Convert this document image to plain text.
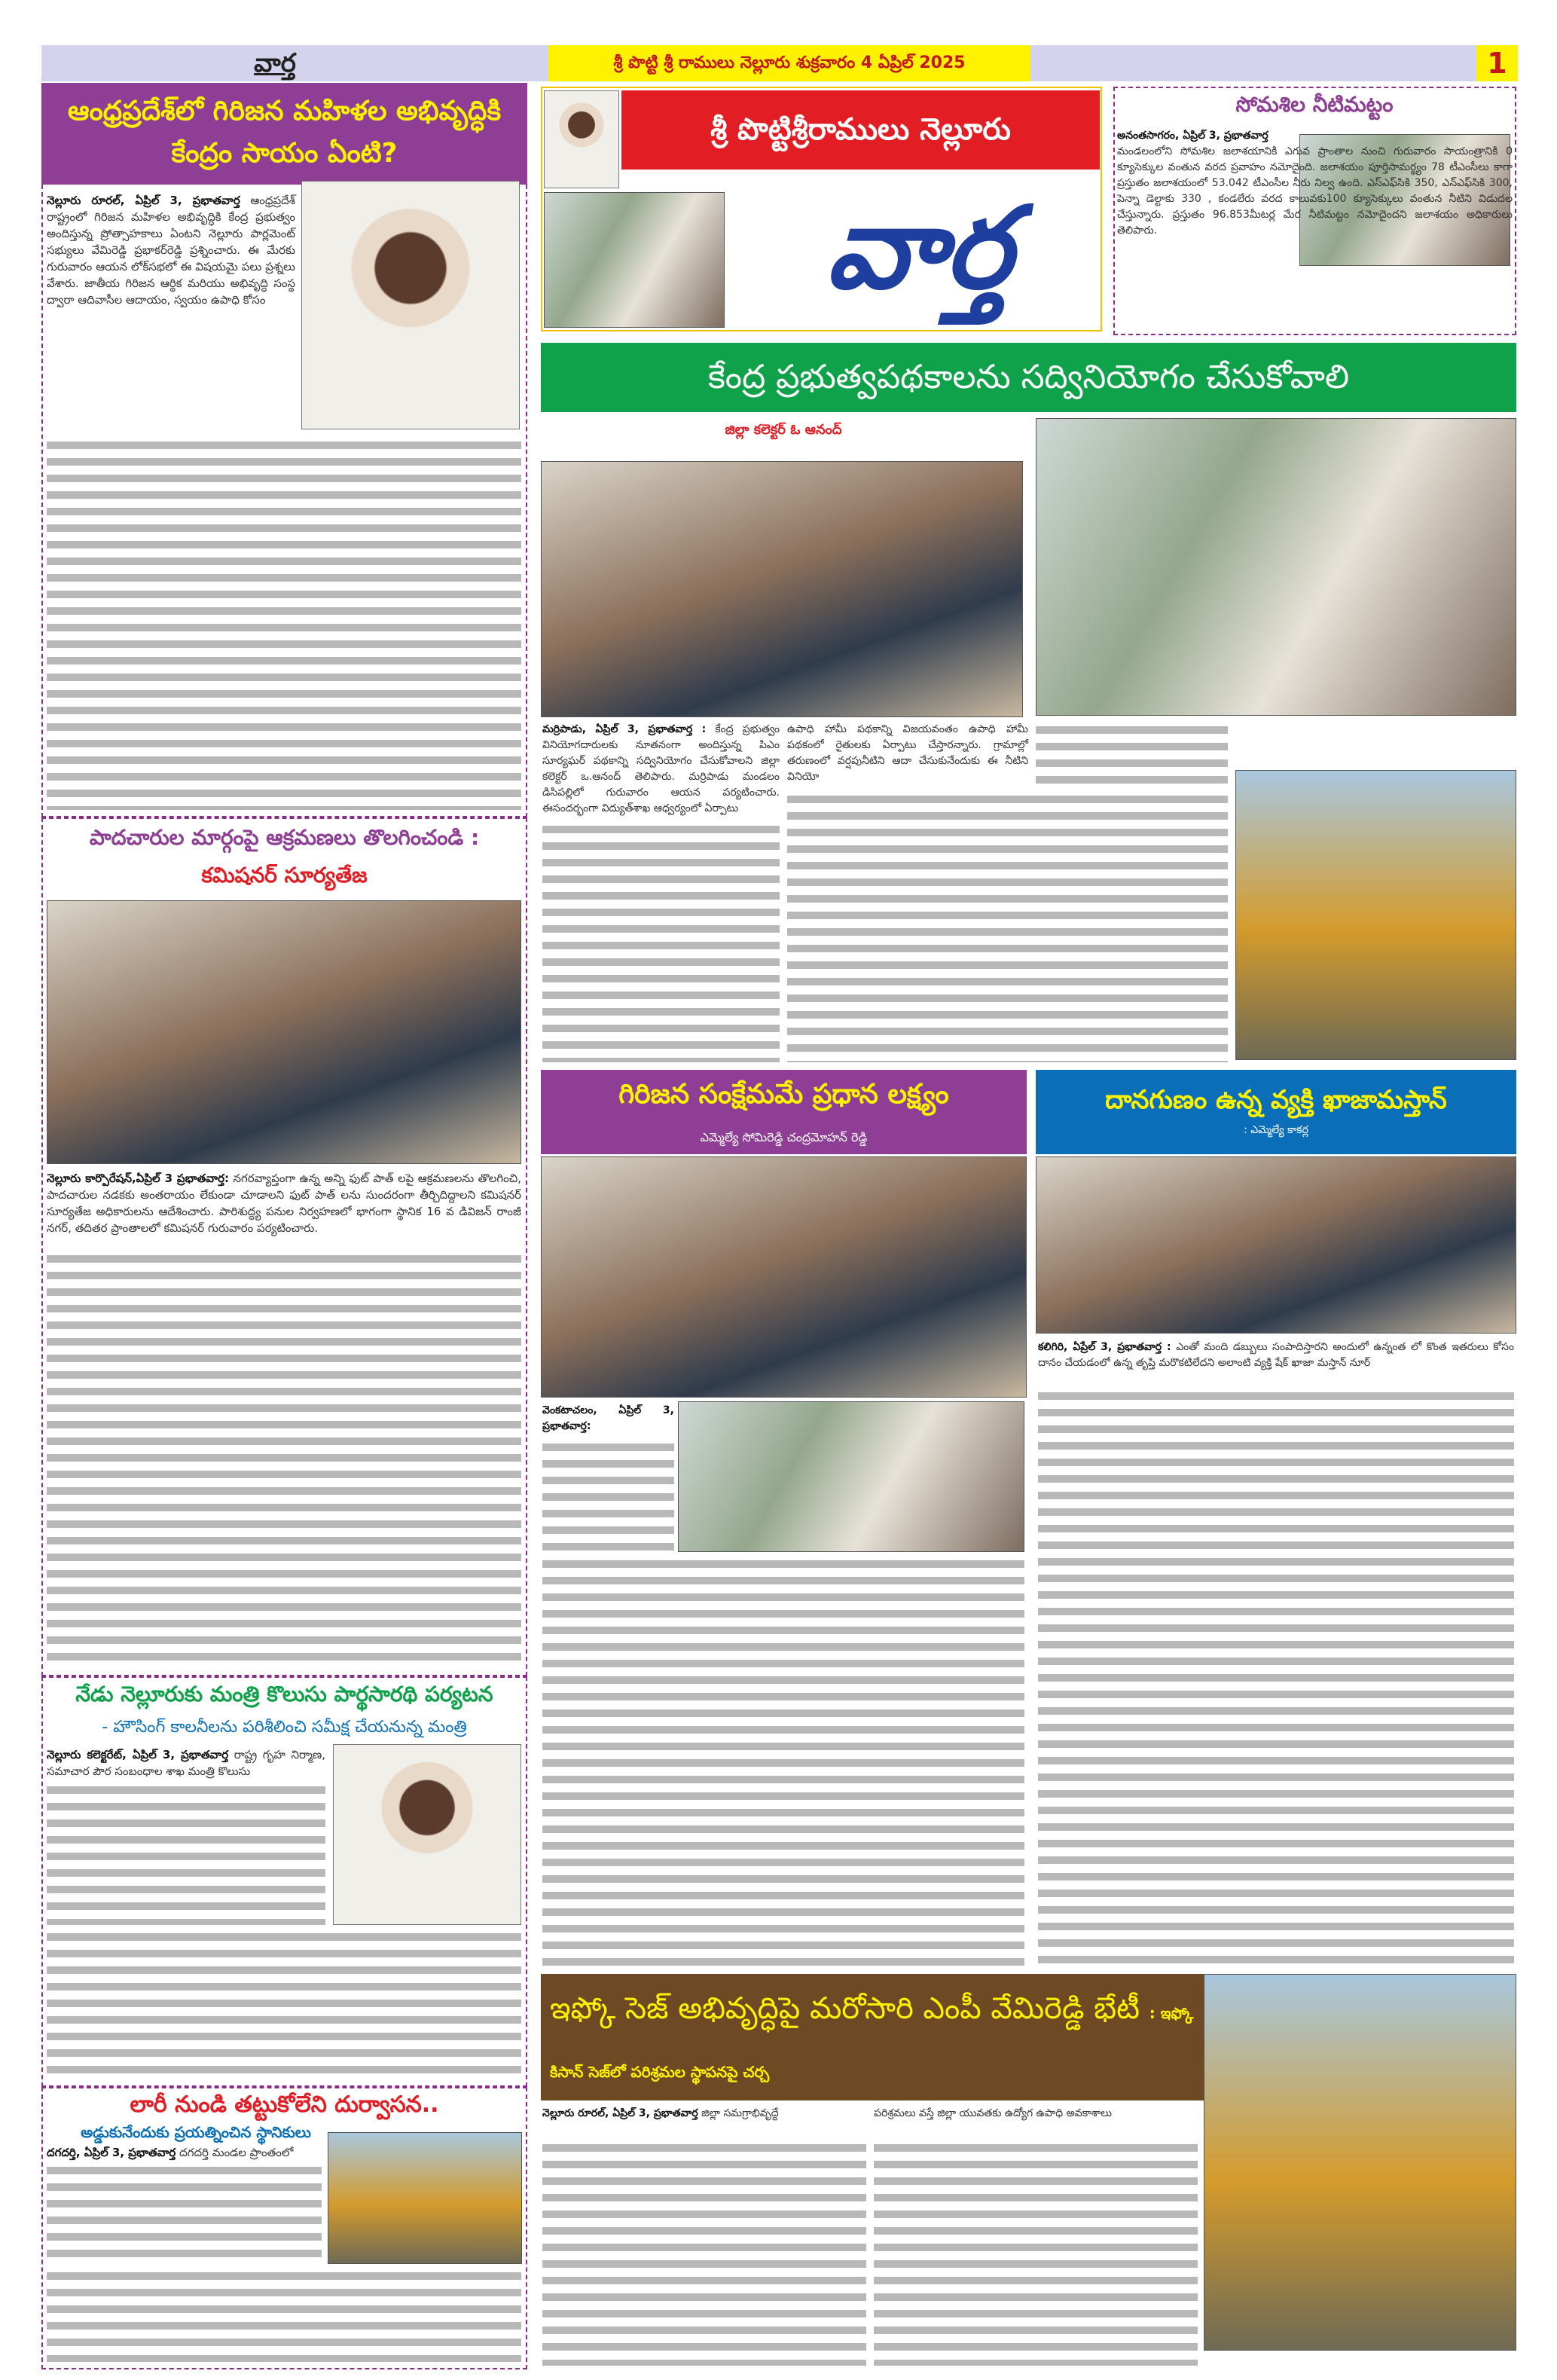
వార్త	శ్రీ పొట్టి శ్రీ రాములు నెల్లూరు శుక్రవారం 4 ఏప్రిల్ 2025	1
ఆంధ్రప్రదేశ్‌లో గిరిజన మహిళల అభివృద్ధికి కేంద్రం సాయం ఏంటి?
నెల్లూరు రూరల్, ఏప్రిల్ 3, ప్రభాతవార్త ఆంధ్రప్రదేశ్ రాష్ట్రంలో గిరిజన మహిళల అభివృద్ధికి కేంద్ర ప్రభుత్వం అందిస్తున్న ప్రోత్సాహకాలు ఏంటని నెల్లూరు పార్లమెంట్ సభ్యులు వేమిరెడ్డి ప్రభాకర్‌రెడ్డి ప్రశ్నించారు. ఈ మేరకు గురువారం ఆయన లోక్‌సభలో ఈ విషయమై పలు ప్రశ్నలు వేశారు. జాతీయ గిరిజన ఆర్థిక మరియు అభివృద్ధి సంస్థ ద్వారా ఆదివాసీల ఆదాయం, స్వయం ఉపాధి కోసం
పాదచారుల మార్గంపై ఆక్రమణలు తొలగించండి :
కమిషనర్ సూర్యతేజ
నెల్లూరు కార్పొరేషన్,ఏప్రిల్ 3 ప్రభాతవార్త: నగరవ్యాప్తంగా ఉన్న అన్ని ఫుట్ పాత్ లపై ఆక్రమణలను తొలగించి, పాదచారుల నడకకు అంతరాయం లేకుండా చూడాలని ఫుట్ పాత్ లను సుందరంగా తీర్చిదిద్దాలని కమిషనర్ సూర్యతేజ అధికారులను ఆదేశించారు. పారిశుద్ధ్య పనుల నిర్వహణలో భాగంగా స్థానిక 16 వ డివిజన్ రాంజీ నగర్, తదితర ప్రాంతాలలో కమిషనర్ గురువారం పర్యటించారు.
నేడు నెల్లూరుకు మంత్రి కొలుసు పార్థసారథి పర్యటన
- హౌసింగ్ కాలనీలను పరిశీలించి సమీక్ష చేయనున్న మంత్రి
నెల్లూరు కలెక్టరేట్, ఏప్రిల్ 3, ప్రభాతవార్త రాష్ట్ర గృహ నిర్మాణ, సమాచార పౌర సంబంధాల శాఖ మంత్రి కొలుసు
లారీ నుండి తట్టుకోలేని దుర్వాసన..
అడ్డుకునేందుకు ప్రయత్నించిన స్థానికులు
దగదర్తి, ఏప్రిల్ 3, ప్రభాతవార్త దగదర్తి మండల ప్రాంతంలో
శ్రీ పొట్టిశ్రీరాములు నెల్లూరు
వార్త
సోమశిల నీటిమట్టం
అనంతసాగరం, ఏప్రిల్ 3, ప్రభాతవార్త
మండలంలోని సోమశిల జలాశయానికి ఎగువ ప్రాంతాల నుంచి గురువారం సాయంత్రానికి 0 క్యూసెక్కుల వంతున వరద ప్రవాహం నమోదైంది. జలాశయం పూర్తిసామర్థ్యం 78 టీఎంసీలు కాగా ప్రస్తుతం జలాశయంలో 53.042 టీఎంసీల నీరు నిల్వ ఉంది. ఎస్ఎఫ్‌సికి 350, ఎన్ఎఫ్‌సికి 300, పెన్నా డెల్టాకు 330 , కండలేరు వరద కాలువకు100 క్యూసెక్కులు వంతున నీటిని విడుదల చేస్తున్నారు. ప్రస్తుతం 96.853మీటర్ల మేర నీటిమట్టం నమోదైందని జలాశయం అధికారులు తెలిపారు.
కేంద్ర ప్రభుత్వపథకాలను సద్వినియోగం చేసుకోవాలి
జిల్లా కలెక్టర్ ఓ ఆనంద్
మర్రిపాడు, ఏప్రిల్ 3, ప్రభాతవార్త : కేంద్ర ప్రభుత్వం వినియోగదారులకు నూతనంగా అందిస్తున్న పిఎం సూర్యఘర్ పథకాన్ని సద్వినియోగం చేసుకోవాలని జిల్లా కలెక్టర్ ఒ.ఆనంద్ తెలిపారు. మర్రిపాడు మండలం డిసిపల్లిలో గురువారం ఆయన పర్యటించారు. ఈసందర్భంగా విద్యుత్‌శాఖ ఆధ్వర్యంలో ఏర్పాటు
ఉపాధి హామీ పథకాన్ని విజయవంతం ఉపాధి హామీ పథకంలో రైతులకు ఏర్పాటు చేస్తారన్నారు. గ్రామాల్లో తరుణంలో వర్షపునీటిని ఆదా చేసుకునేందుకు ఈ నీటిని వినియో
గిరిజన సంక్షేమమే ప్రధాన లక్ష్యం
ఎమ్మెల్యే సోమిరెడ్డి చంద్రమోహన్ రెడ్డి
వెంకటాచలం, ఏప్రిల్ 3, ప్రభాతవార్త:
దానగుణం ఉన్న వ్యక్తి ఖాజామస్తాన్
: ఎమ్మెల్యే కాకర్ల
కలిగిరి, ఏప్రేల్ 3, ప్రభాతవార్త : ఎంతో మంది డబ్బులు సంపాదిస్తారని అందులో ఉన్నంత లో కొంత ఇతరులు కోసం దానం చేయడంలో ఉన్న తృప్తి మరొకటిలేదని అలాంటి వ్యక్తి షేక్ ఖాజా మస్తాన్ నూర్
ఇఫ్కో సెజ్ అభివృద్ధిపై మరోసారి ఎంపీ వేమిరెడ్డి భేటీ : ఇఫ్కో కిసాన్ సెజ్‌లో పరిశ్రమల స్థాపనపై చర్చ
నెల్లూరు రూరల్, ఏప్రిల్ 3, ప్రభాతవార్త జిల్లా సమగ్రాభివృద్దే	పరిశ్రమలు వస్తే జిల్లా యువతకు ఉద్యోగ ఉపాధి అవకాశాలు
